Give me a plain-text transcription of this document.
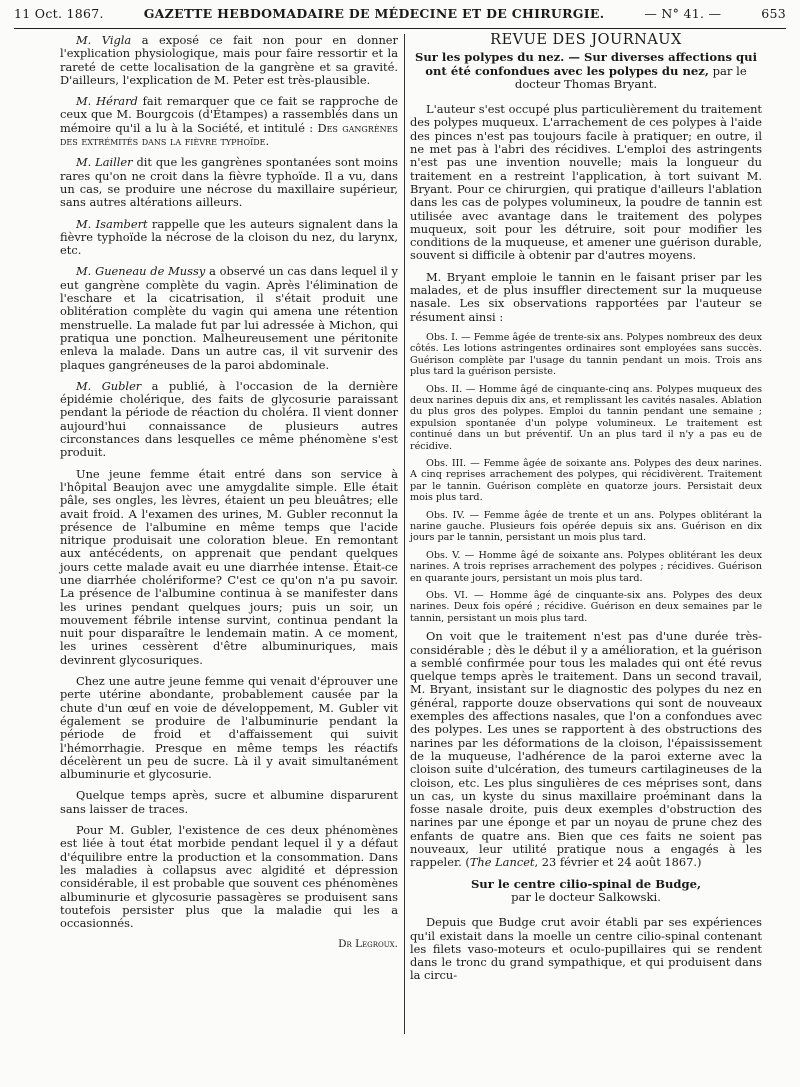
11 Oct. 1867.	GAZETTE HEBDOMADAIRE DE MÉDECINE ET DE CHIRURGIE.	— N° 41. —	653

M. Vigla a exposé ce fait non pour en donner l'explication physiologique, mais pour faire ressortir et la rareté de cette localisation de la gangrène et sa gravité. D'ailleurs, l'explication de M. Peter est très-plausible.

M. Hérard fait remarquer que ce fait se rapproche de ceux que M. Bourgcois (d'Étampes) a rassemblés dans un mémoire qu'il a lu à la Société, et intitulé : Des gangrènes des extrémités dans la fièvre typhoïde.

M. Lailler dit que les gangrènes spontanées sont moins rares qu'on ne croit dans la fièvre typhoïde. Il a vu, dans un cas, se produire une nécrose du maxillaire supérieur, sans autres altérations ailleurs.

M. Isambert rappelle que les auteurs signalent dans la fièvre typhoïde la nécrose de la cloison du nez, du larynx, etc.

M. Gueneau de Mussy a observé un cas dans lequel il y eut gangrène complète du vagin. Après l'élimination de l'eschare et la cicatrisation, il s'était produit une oblitération complète du vagin qui amena une rétention menstruelle. La malade fut par lui adressée à Michon, qui pratiqua une ponction. Malheureusement une péritonite enleva la malade. Dans un autre cas, il vit survenir des plaques gangréneuses de la paroi abdominale.

M. Gubler a publié, à l'occasion de la dernière épidémie cholérique, des faits de glycosurie paraissant pendant la période de réaction du choléra. Il vient donner aujourd'hui connaissance de plusieurs autres circonstances dans lesquelles ce même phénomène s'est produit.

Une jeune femme était entré dans son service à l'hôpital Beaujon avec une amygdalite simple. Elle était pâle, ses ongles, les lèvres, étaient un peu bleuâtres; elle avait froid. A l'examen des urines, M. Gubler reconnut la présence de l'albumine en même temps que l'acide nitrique produisait une coloration bleue. En remontant aux antécédents, on apprenait que pendant quelques jours cette malade avait eu une diarrhée intense. Était-ce une diarrhée cholériforme? C'est ce qu'on n'a pu savoir. La présence de l'albumine continua à se manifester dans les urines pendant quelques jours; puis un soir, un mouvement fébrile intense survint, continua pendant la nuit pour disparaître le lendemain matin. A ce moment, les urines cessèrent d'être albuminuriques, mais devinrent glycosuriques.

Chez une autre jeune femme qui venait d'éprouver une perte utérine abondante, probablement causée par la chute d'un œuf en voie de développement, M. Gubler vit également se produire de l'albuminurie pendant la période de froid et d'affaissement qui suivit l'hémorrhagie. Presque en même temps les réactifs décelèrent un peu de sucre. Là il y avait simultanément albuminurie et glycosurie.

Quelque temps après, sucre et albumine disparurent sans laisser de traces.

Pour M. Gubler, l'existence de ces deux phénomènes est liée à tout état morbide pendant lequel il y a défaut d'équilibre entre la production et la consommation. Dans les maladies à collapsus avec algidité et dépression considérable, il est probable que souvent ces phénomènes albuminurie et glycosurie passagères se produisent sans toutefois persister plus que la maladie qui les a occasionnés.

Dr Legroux.
REVUE DES JOURNAUX

Sur les polypes du nez. — Sur diverses affections qui ont été confondues avec les polypes du nez, par le docteur Thomas Bryant.

L'auteur s'est occupé plus particulièrement du traitement des polypes muqueux. L'arrachement de ces polypes à l'aide des pinces n'est pas toujours facile à pratiquer; en outre, il ne met pas à l'abri des récidives. L'emploi des astringents n'est pas une invention nouvelle; mais la longueur du traitement en a restreint l'application, à tort suivant M. Bryant. Pour ce chirurgien, qui pratique d'ailleurs l'ablation dans les cas de polypes volumineux, la poudre de tannin est utilisée avec avantage dans le traitement des polypes muqueux, soit pour les détruire, soit pour modifier les conditions de la muqueuse, et amener une guérison durable, souvent si difficile à obtenir par d'autres moyens.

M. Bryant emploie le tannin en le faisant priser par les malades, et de plus insuffler directement sur la muqueuse nasale. Les six observations rapportées par l'auteur se résument ainsi :

Obs. I. — Femme âgée de trente-six ans. Polypes nombreux des deux côtés. Les lotions astringentes ordinaires sont employées sans succès. Guérison complète par l'usage du tannin pendant un mois. Trois ans plus tard la guérison persiste.

Obs. II. — Homme âgé de cinquante-cinq ans. Polypes muqueux des deux narines depuis dix ans, et remplissant les cavités nasales. Ablation du plus gros des polypes. Emploi du tannin pendant une semaine ; expulsion spontanée d'un polype volumineux. Le traitement est continué dans un but préventif. Un an plus tard il n'y a pas eu de récidive.

Obs. III. — Femme âgée de soixante ans. Polypes des deux narines. A cinq reprises arrachement des polypes, qui récidivèrent. Traitement par le tannin. Guérison complète en quatorze jours. Persistait deux mois plus tard.

Obs. IV. — Femme âgée de trente et un ans. Polypes oblitérant la narine gauche. Plusieurs fois opérée depuis six ans. Guérison en dix jours par le tannin, persistant un mois plus tard.

Obs. V. — Homme âgé de soixante ans. Polypes oblitérant les deux narines. A trois reprises arrachement des polypes ; récidives. Guérison en quarante jours, persistant un mois plus tard.

Obs. VI. — Homme âgé de cinquante-six ans. Polypes des deux narines. Deux fois opéré ; récidive. Guérison en deux semaines par le tannin, persistant un mois plus tard.

On voit que le traitement n'est pas d'une durée très-considérable ; dès le début il y a amélioration, et la guérison a semblé confirmée pour tous les malades qui ont été revus quelque temps après le traitement. Dans un second travail, M. Bryant, insistant sur le diagnostic des polypes du nez en général, rapporte douze observations qui sont de nouveaux exemples des affections nasales, que l'on a confondues avec des polypes. Les unes se rapportent à des obstructions des narines par les déformations de la cloison, l'épaississement de la muqueuse, l'adhérence de la paroi externe avec la cloison suite d'ulcération, des tumeurs cartilagineuses de la cloison, etc. Les plus singulières de ces méprises sont, dans un cas, un kyste du sinus maxillaire proéminant dans la fosse nasale droite, puis deux exemples d'obstruction des narines par une éponge et par un noyau de prune chez des enfants de quatre ans. Bien que ces faits ne soient pas nouveaux, leur utilité pratique nous a engagés à les rappeler. (The Lancet, 23 février et 24 août 1867.)

Sur le centre cilio-spinal de Budge,
par le docteur Salkowski.

Depuis que Budge crut avoir établi par ses expériences qu'il existait dans la moelle un centre cilio-spinal contenant les filets vaso-moteurs et oculo-pupillaires qui se rendent dans le tronc du grand sympathique, et qui produisent dans la circu-
